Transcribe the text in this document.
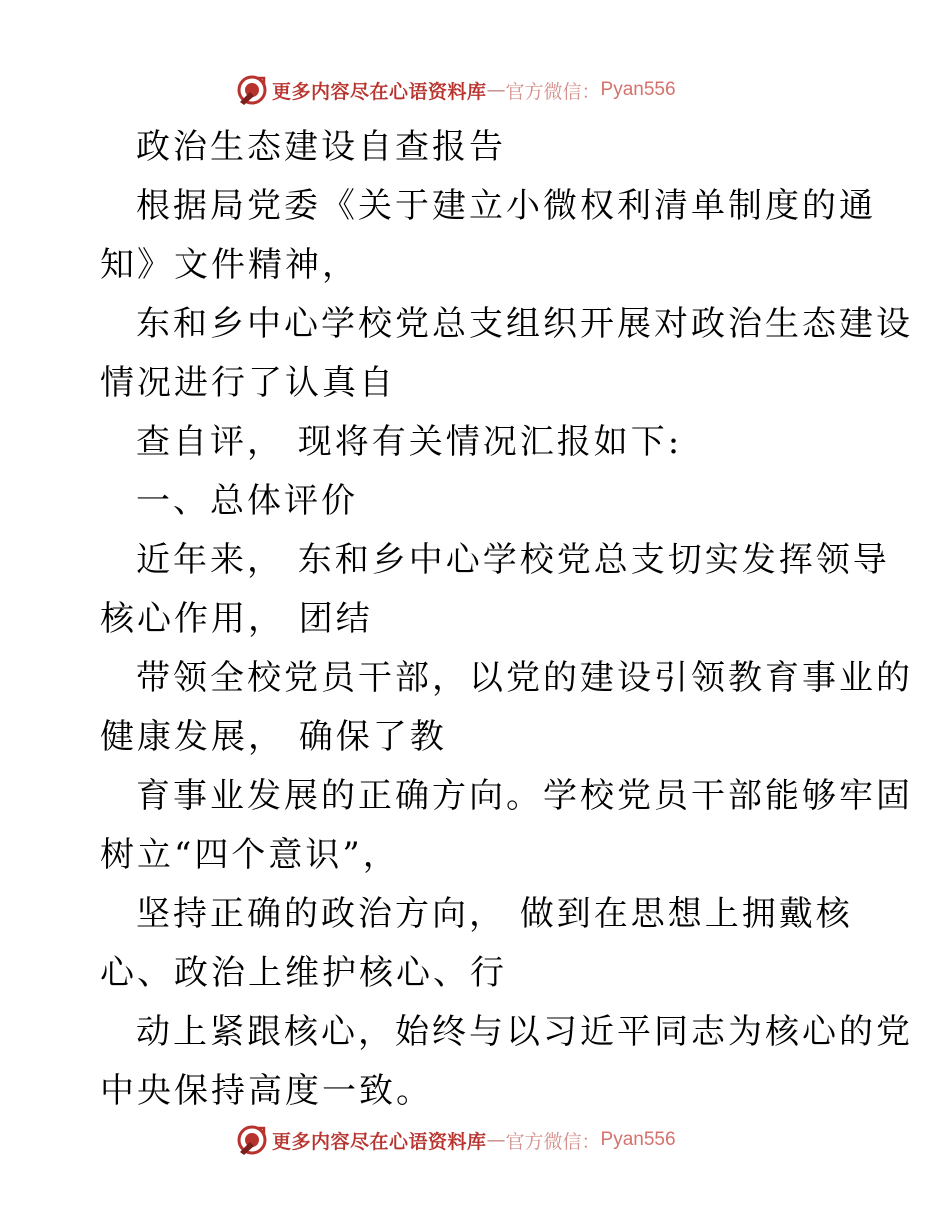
更多内容尽在心语资料库 — 官方微信： Pyan556
政治生态建设自查报告
根据局党委《关于建立小微权利清单制度的通
知》文件精神，
东和乡中心学校党总支组织开展对政治生态建设
情况进行了认真自
查自评， 现将有关情况汇报如下:
一、总体评价
近年来， 东和乡中心学校党总支切实发挥领导
核心作用， 团结
带领全校党员干部，以党的建设引领教育事业的
健康发展， 确保了教
育事业发展的正确方向。学校党员干部能够牢固
树立“四个意识”，
坚持正确的政治方向， 做到在思想上拥戴核
心、政治上维护核心、行
动上紧跟核心，始终与以习近平同志为核心的党
中央保持高度一致。
更多内容尽在心语资料库 — 官方微信： Pyan556
